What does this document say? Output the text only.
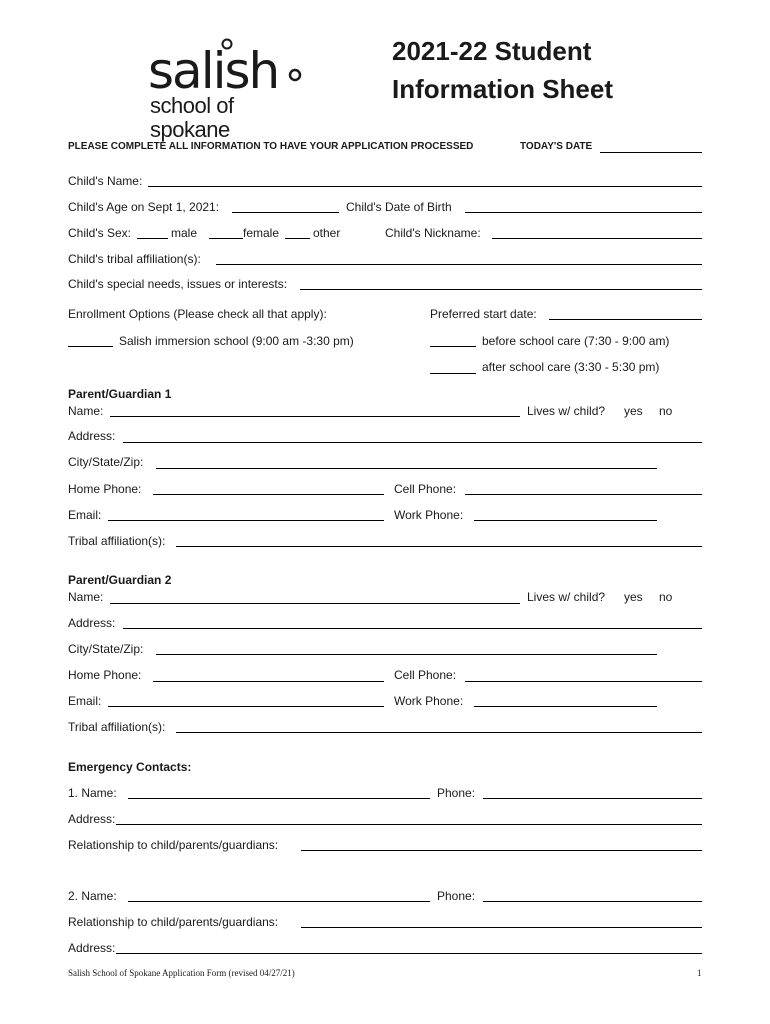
salish
school of spokane
2021-22 Student
Information Sheet
PLEASE COMPLETE ALL INFORMATION TO HAVE YOUR APPLICATION PROCESSED	TODAY'S DATE
Child's Name:
Child's Age on Sept 1, 2021:	Child's Date of Birth
Child's Sex:	male	female	other	Child's Nickname:
Child's tribal affiliation(s):
Child's special needs, issues or interests:
Enrollment Options (Please check all that apply):	Preferred start date:
Salish immersion school (9:00 am -3:30 pm)	before school care (7:30 - 9:00 am)
after school care (3:30 - 5:30 pm)
Parent/Guardian 1
Name:	Lives w/ child? yes no
Address:
City/State/Zip:
Home Phone:	Cell Phone:
Email:	Work Phone:
Tribal affiliation(s):
Parent/Guardian 2
Name:	Lives w/ child? yes no
Address:
City/State/Zip:
Home Phone:	Cell Phone:
Email:	Work Phone:
Tribal affiliation(s):
Emergency Contacts:
1. Name:	Phone:
Address:
Relationship to child/parents/guardians:
2. Name:	Phone:
Relationship to child/parents/guardians:
Address:
Salish School of Spokane Application Form (revised 04/27/21)	1
